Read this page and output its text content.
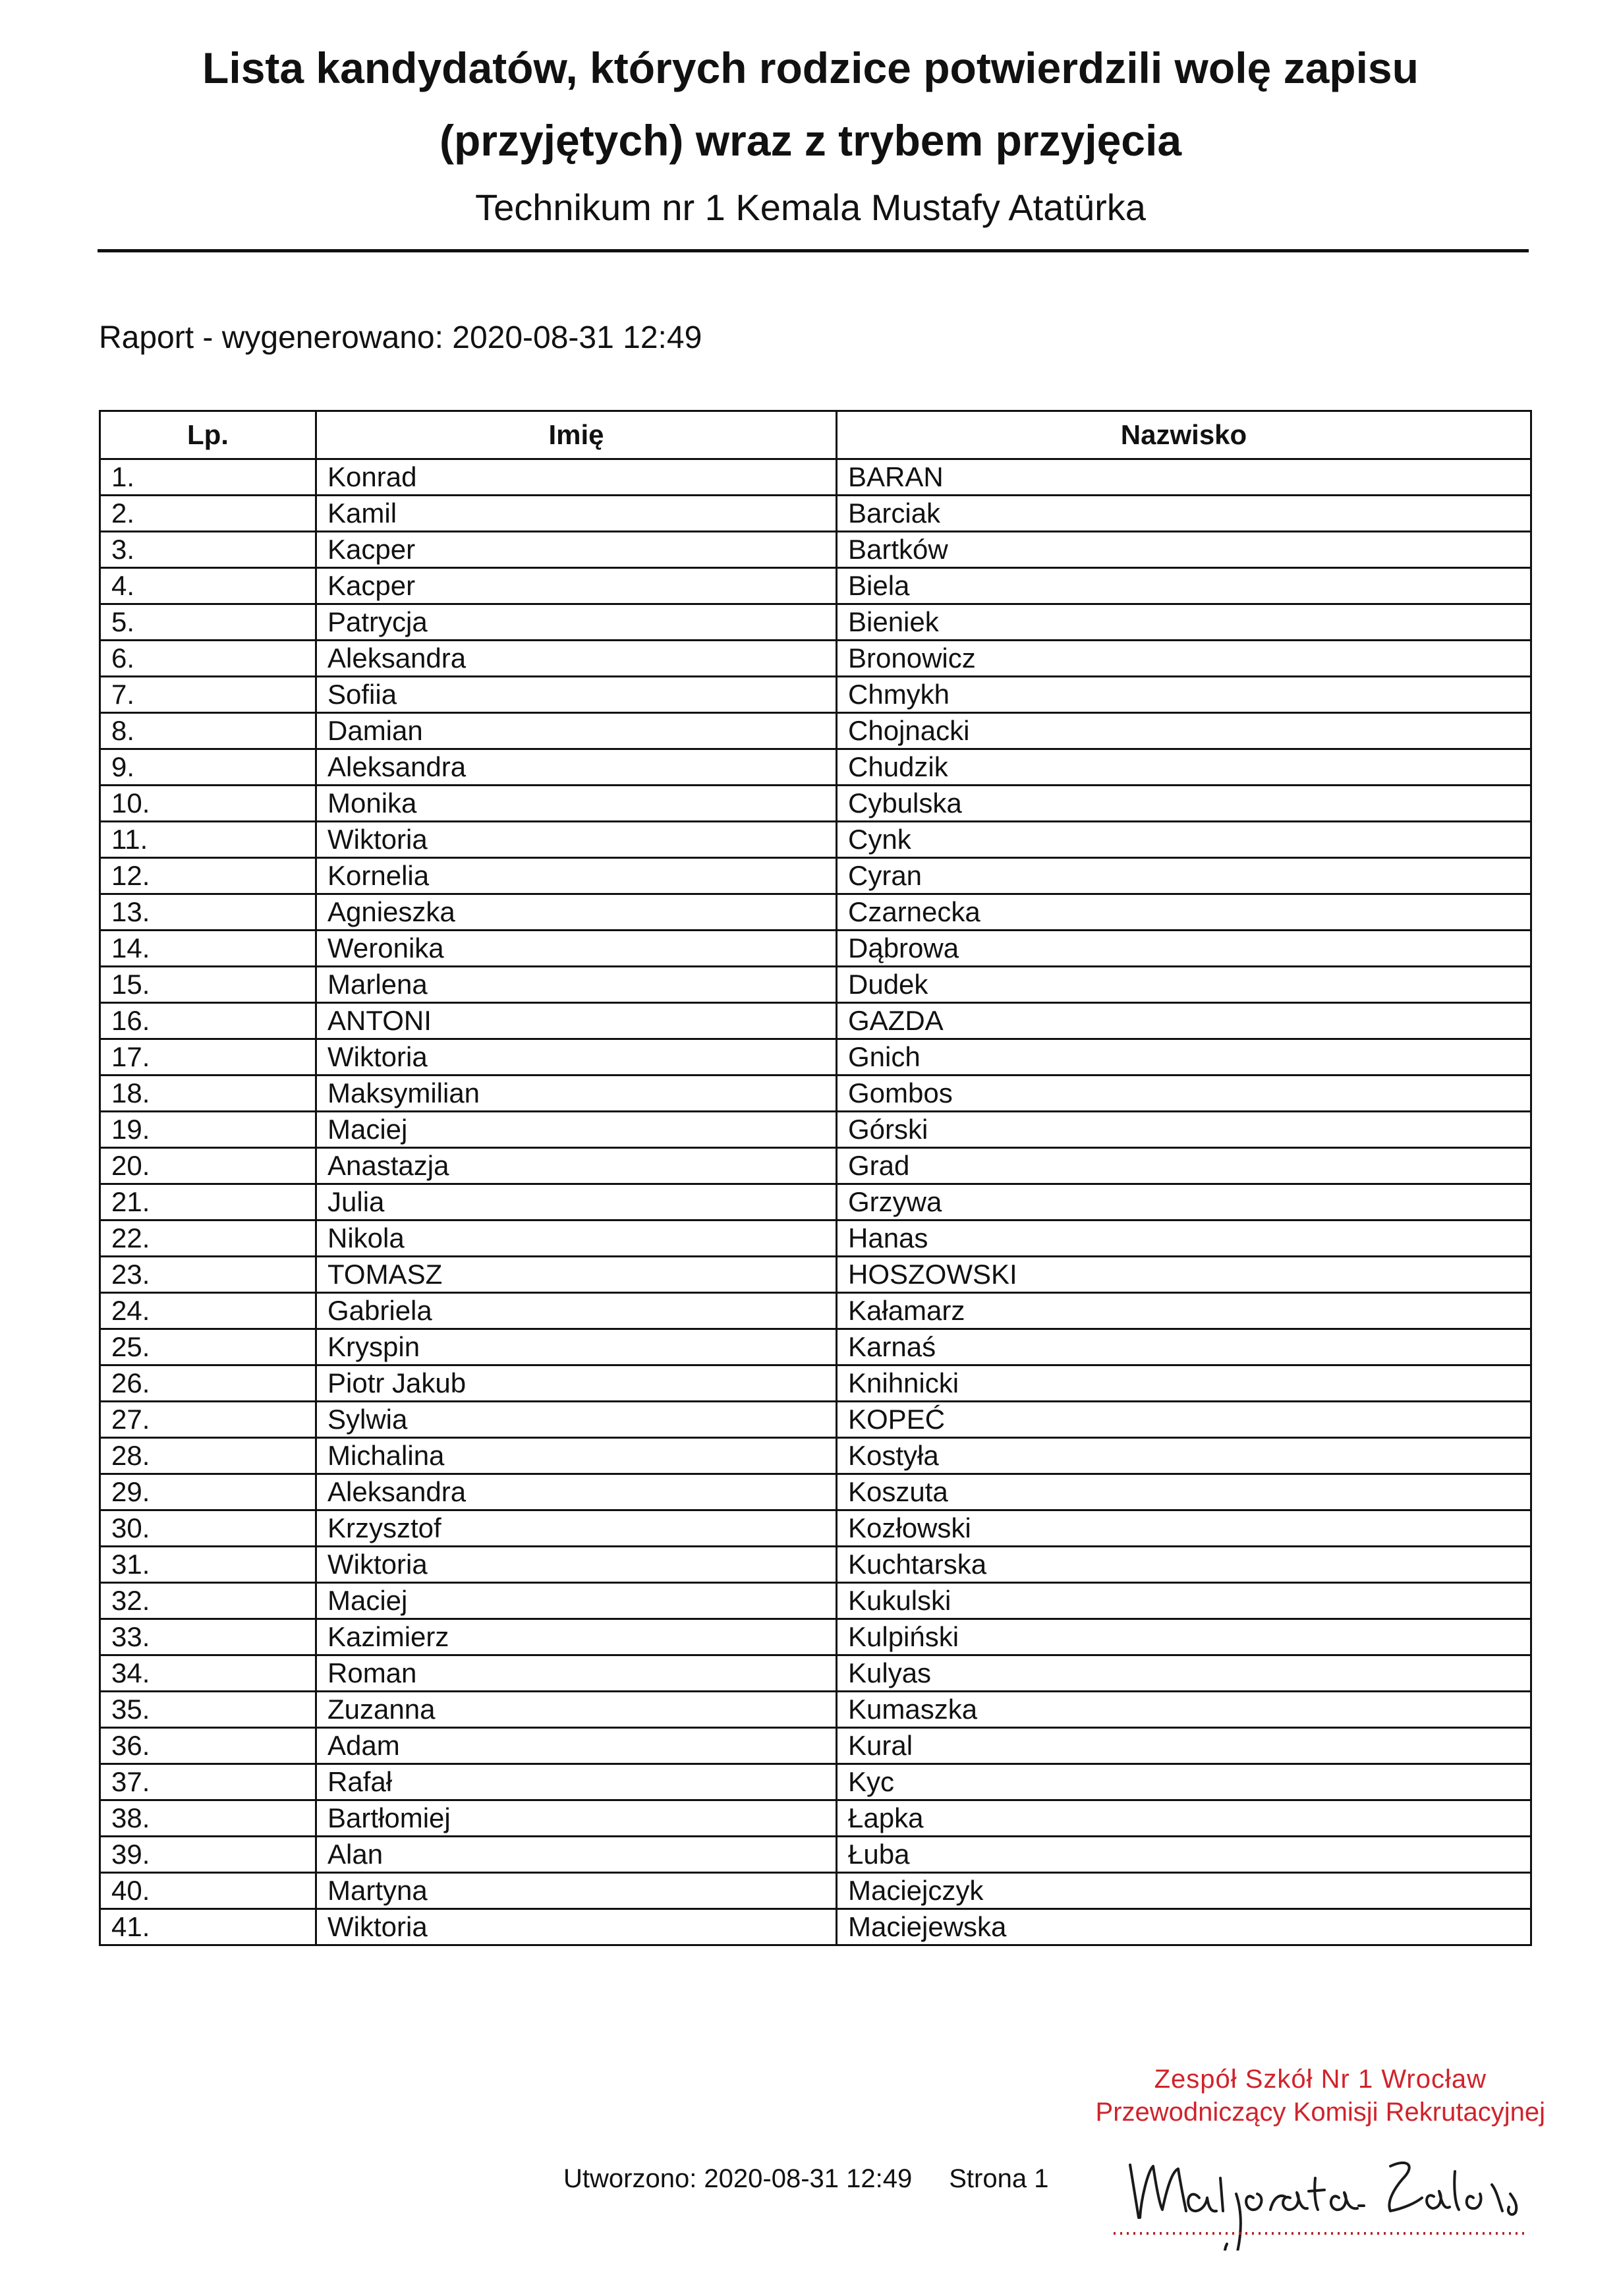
Lista kandydatów, których rodzice potwierdzili wolę zapisu
(przyjętych) wraz z trybem przyjęcia
Technikum nr 1 Kemala Mustafy Atatürka
Raport - wygenerowano: 2020-08-31 12:49
Lp.	Imię	Nazwisko
1.	Konrad	BARAN
2.	Kamil	Barciak
3.	Kacper	Bartków
4.	Kacper	Biela
5.	Patrycja	Bieniek
6.	Aleksandra	Bronowicz
7.	Sofiia	Chmykh
8.	Damian	Chojnacki
9.	Aleksandra	Chudzik
10.	Monika	Cybulska
11.	Wiktoria	Cynk
12.	Kornelia	Cyran
13.	Agnieszka	Czarnecka
14.	Weronika	Dąbrowa
15.	Marlena	Dudek
16.	ANTONI	GAZDA
17.	Wiktoria	Gnich
18.	Maksymilian	Gombos
19.	Maciej	Górski
20.	Anastazja	Grad
21.	Julia	Grzywa
22.	Nikola	Hanas
23.	TOMASZ	HOSZOWSKI
24.	Gabriela	Kałamarz
25.	Kryspin	Karnaś
26.	Piotr Jakub	Knihnicki
27.	Sylwia	KOPEĆ
28.	Michalina	Kostyła
29.	Aleksandra	Koszuta
30.	Krzysztof	Kozłowski
31.	Wiktoria	Kuchtarska
32.	Maciej	Kukulski
33.	Kazimierz	Kulpiński
34.	Roman	Kulyas
35.	Zuzanna	Kumaszka
36.	Adam	Kural
37.	Rafał	Kyc
38.	Bartłomiej	Łapka
39.	Alan	Łuba
40.	Martyna	Maciejczyk
41.	Wiktoria	Maciejewska
Zespół Szkół Nr 1 Wrocław
Przewodniczący Komisji Rekrutacyjnej
Utworzono: 2020-08-31 12:49 Strona 1
